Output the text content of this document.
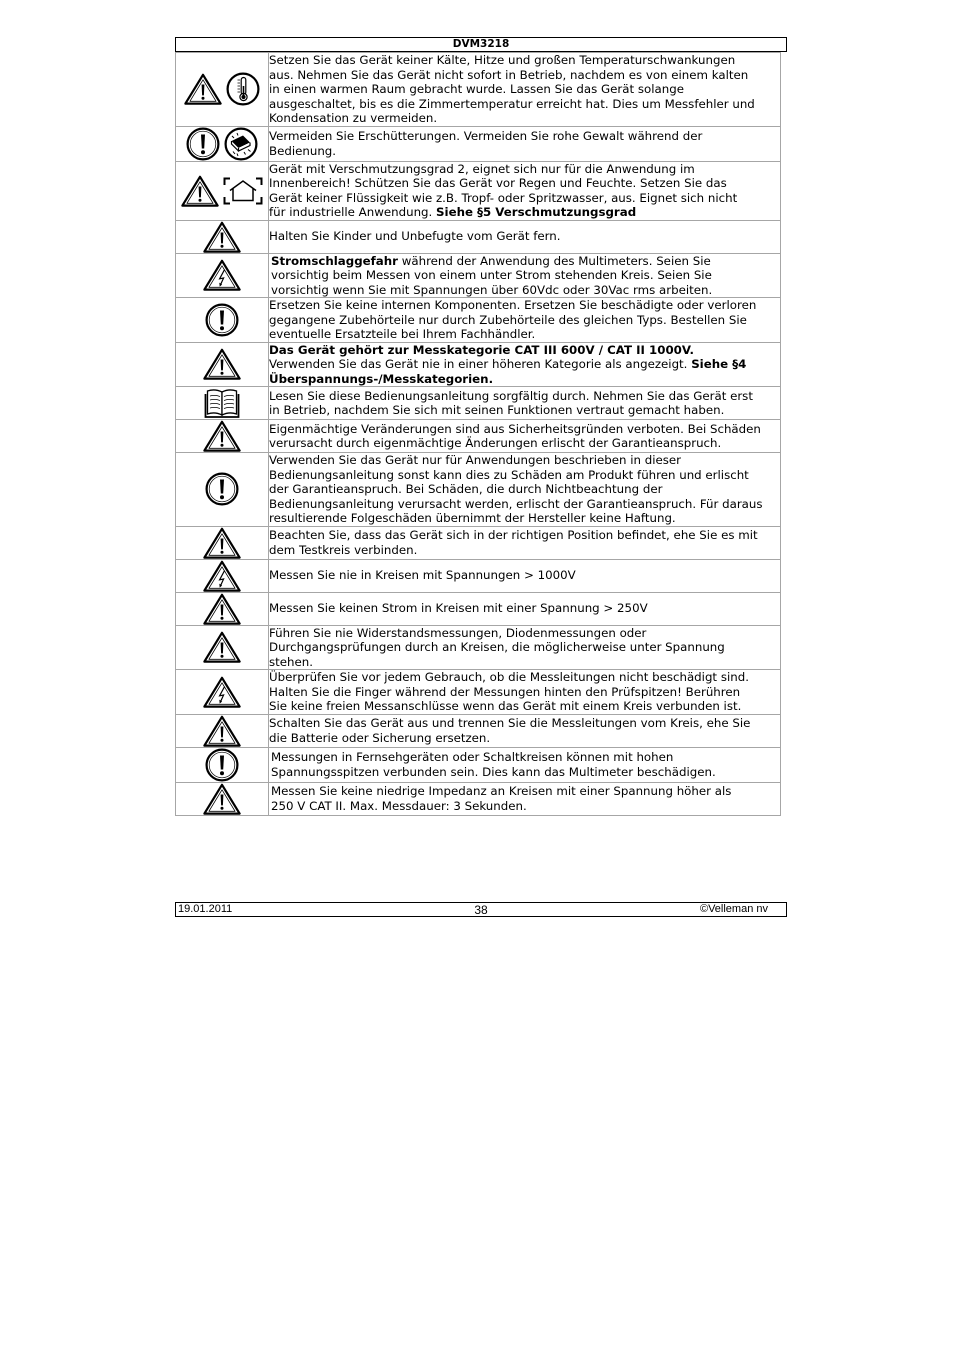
DVM3218

Setzen Sie das Gerät keiner Kälte, Hitze und großen Temperaturschwankungen
aus. Nehmen Sie das Gerät nicht sofort in Betrieb, nachdem es von einem kalten
in einen warmen Raum gebracht wurde. Lassen Sie das Gerät solange
ausgeschaltet, bis es die Zimmertemperatur erreicht hat. Dies um Messfehler und
Kondensation zu vermeiden.

Vermeiden Sie Erschütterungen. Vermeiden Sie rohe Gewalt während der
Bedienung.

Gerät mit Verschmutzungsgrad 2, eignet sich nur für die Anwendung im
Innenbereich! Schützen Sie das Gerät vor Regen und Feuchte. Setzen Sie das
Gerät keiner Flüssigkeit wie z.B. Tropf- oder Spritzwasser, aus. Eignet sich nicht
für industrielle Anwendung. Siehe §5 Verschmutzungsgrad

Halten Sie Kinder und Unbefugte vom Gerät fern.

Stromschlaggefahr während der Anwendung des Multimeters. Seien Sie
vorsichtig beim Messen von einem unter Strom stehenden Kreis. Seien Sie
vorsichtig wenn Sie mit Spannungen über 60Vdc oder 30Vac rms arbeiten.

Ersetzen Sie keine internen Komponenten. Ersetzen Sie beschädigte oder verloren
gegangene Zubehörteile nur durch Zubehörteile des gleichen Typs. Bestellen Sie
eventuelle Ersatzteile bei Ihrem Fachhändler.

Das Gerät gehört zur Messkategorie CAT III 600V / CAT II 1000V.
Verwenden Sie das Gerät nie in einer höheren Kategorie als angezeigt. Siehe §4
Überspannungs-/Messkategorien.

Lesen Sie diese Bedienungsanleitung sorgfältig durch. Nehmen Sie das Gerät erst
in Betrieb, nachdem Sie sich mit seinen Funktionen vertraut gemacht haben.

Eigenmächtige Veränderungen sind aus Sicherheitsgründen verboten. Bei Schäden
verursacht durch eigenmächtige Änderungen erlischt der Garantieanspruch.

Verwenden Sie das Gerät nur für Anwendungen beschrieben in dieser
Bedienungsanleitung sonst kann dies zu Schäden am Produkt führen und erlischt
der Garantieanspruch. Bei Schäden, die durch Nichtbeachtung der
Bedienungsanleitung verursacht werden, erlischt der Garantieanspruch. Für daraus
resultierende Folgeschäden übernimmt der Hersteller keine Haftung.

Beachten Sie, dass das Gerät sich in der richtigen Position befindet, ehe Sie es mit
dem Testkreis verbinden.

Messen Sie nie in Kreisen mit Spannungen > 1000V

Messen Sie keinen Strom in Kreisen mit einer Spannung > 250V

Führen Sie nie Widerstandsmessungen, Diodenmessungen oder
Durchgangsprüfungen durch an Kreisen, die möglicherweise unter Spannung
stehen.

Überprüfen Sie vor jedem Gebrauch, ob die Messleitungen nicht beschädigt sind.
Halten Sie die Finger während der Messungen hinten den Prüfspitzen! Berühren
Sie keine freien Messanschlüsse wenn das Gerät mit einem Kreis verbunden ist.

Schalten Sie das Gerät aus und trennen Sie die Messleitungen vom Kreis, ehe Sie
die Batterie oder Sicherung ersetzen.

Messungen in Fernsehgeräten oder Schaltkreisen können mit hohen
Spannungsspitzen verbunden sein. Dies kann das Multimeter beschädigen.

Messen Sie keine niedrige Impedanz an Kreisen mit einer Spannung höher als
250 V CAT II. Max. Messdauer: 3 Sekunden.
19.01.2011	38	©Velleman nv
